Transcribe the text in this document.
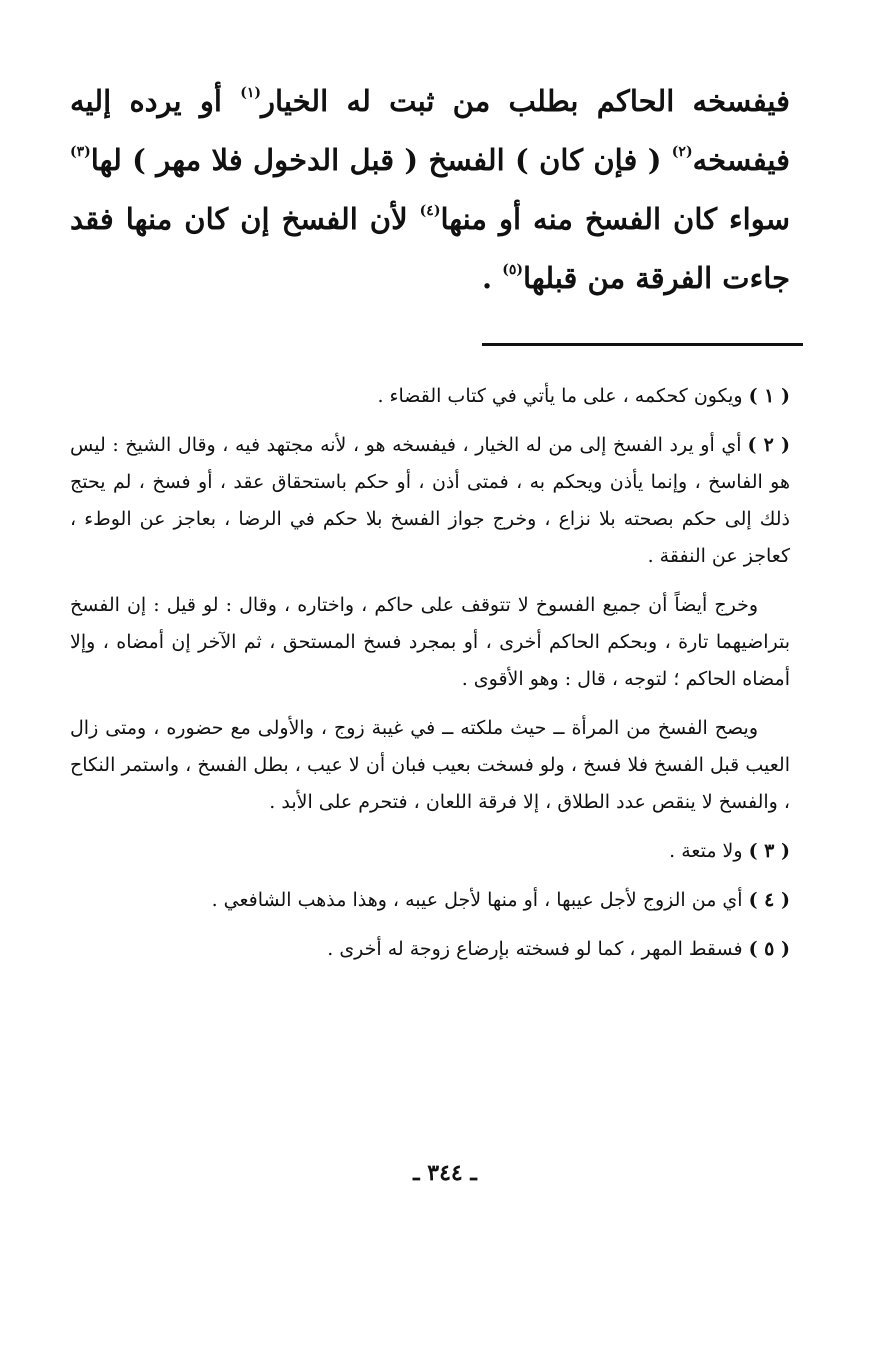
فيفسخه الحاكم بطلب من ثبت له الخيار$^{(١)}$ أو يرده إليه فيفسخه$^{(٢)}$ ( فإن كان ) الفسخ ( قبل الدخول فلا مهر ) لها$^{(٣)}$ سواء كان الفسخ منه أو منها$^{(٤)}$ لأن الفسخ إن كان منها فقد جاءت الفرقة من قبلها$^{(٥)}$ .

( ١ )ويكون كحكمه ، على ما يأتي في كتاب القضاء .

( ٢ )أي أو يرد الفسخ إلى من له الخيار ، فيفسخه هو ، لأنه مجتهد فيه ، وقال الشيخ : ليس هو الفاسخ ، وإنما يأذن ويحكم به ، فمتى أذن ، أو حكم باستحقاق عقد ، أو فسخ ، لم يحتج ذلك إلى حكم بصحته بلا نزاع ، وخرج جواز الفسخ بلا حكم في الرضا ، بعاجز عن الوطء ، كعاجز عن النفقة .

وخرج أيضاً أن جميع الفسوخ لا تتوقف على حاكم ، واختاره ، وقال : لو قيل : إن الفسخ بتراضيهما تارة ، وبحكم الحاكم أخرى ، أو بمجرد فسخ المستحق ، ثم الآخر إن أمضاه ، وإلا أمضاه الحاكم ؛ لتوجه ، قال : وهو الأقوى .

ويصح الفسخ من المرأة ــ حيث ملكته ــ في غيبة زوج ، والأولى مع حضوره ، ومتى زال العيب قبل الفسخ فلا فسخ ، ولو فسخت بعيب فبان أن لا عيب ، بطل الفسخ ، واستمر النكاح ، والفسخ لا ينقص عدد الطلاق ، إلا فرقة اللعان ، فتحرم على الأبد .

( ٣ )ولا متعة .

( ٤ )أي من الزوج لأجل عيبها ، أو منها لأجل عيبه ، وهذا مذهب الشافعي .

( ٥ )فسقط المهر ، كما لو فسخته بإرضاع زوجة له أخرى .

ـ ٣٤٤ ـ
